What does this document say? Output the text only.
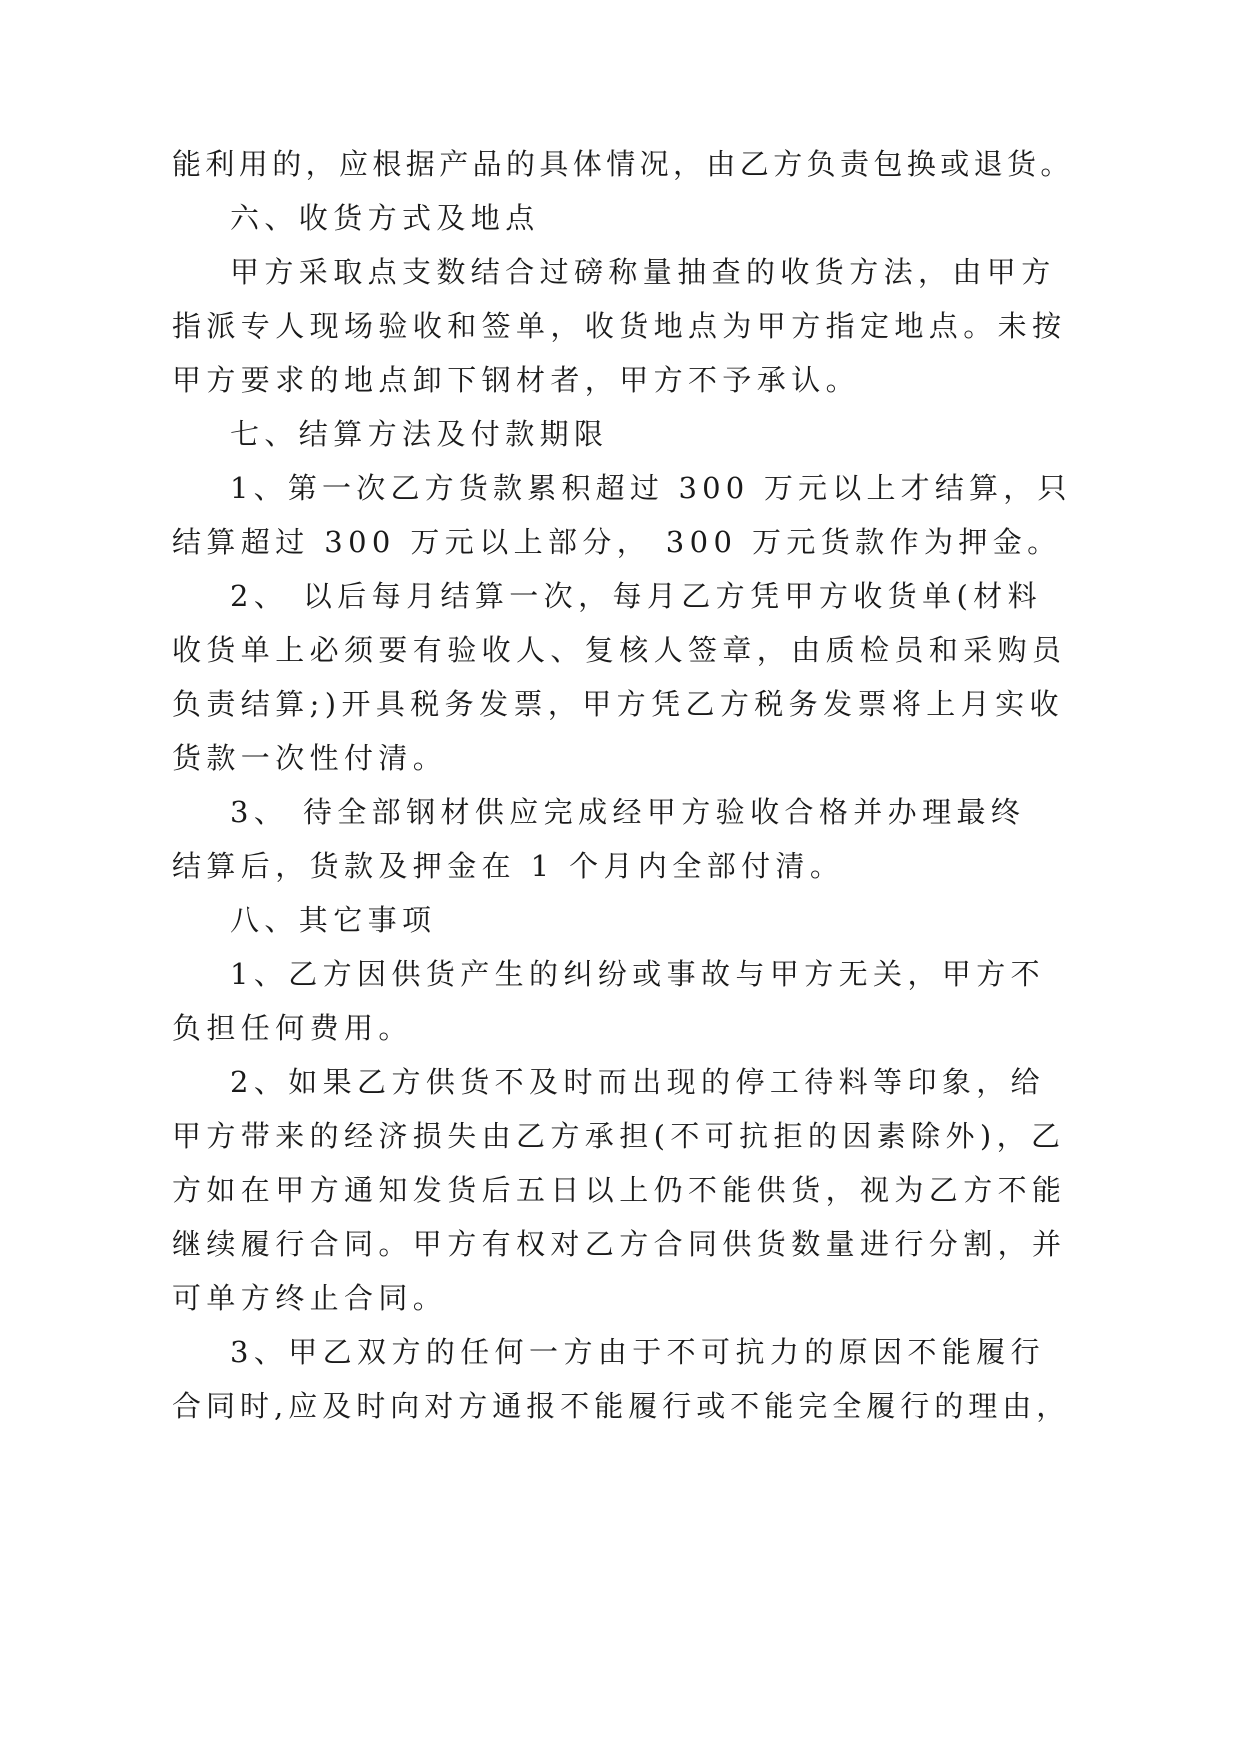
能利用的，应根据产品的具体情况，由乙方负责包换或退货。
六、收货方式及地点
甲方采取点支数结合过磅称量抽查的收货方法，由甲方
指派专人现场验收和签单，收货地点为甲方指定地点。未按
甲方要求的地点卸下钢材者，甲方不予承认。
七、结算方法及付款期限
1、第一次乙方货款累积超过 300 万元以上才结算，只
结算超过 300 万元以上部分， 300 万元货款作为押金。
2、 以后每月结算一次，每月乙方凭甲方收货单(材料
收货单上必须要有验收人、复核人签章，由质检员和采购员
负责结算;)开具税务发票，甲方凭乙方税务发票将上月实收
货款一次性付清。
3、 待全部钢材供应完成经甲方验收合格并办理最终
结算后，货款及押金在 1 个月内全部付清。
八、其它事项
1、乙方因供货产生的纠纷或事故与甲方无关，甲方不
负担任何费用。
2、如果乙方供货不及时而出现的停工待料等印象，给
甲方带来的经济损失由乙方承担(不可抗拒的因素除外)，乙
方如在甲方通知发货后五日以上仍不能供货，视为乙方不能
继续履行合同。甲方有权对乙方合同供货数量进行分割，并
可单方终止合同。
3、甲乙双方的任何一方由于不可抗力的原因不能履行
合同时,应及时向对方通报不能履行或不能完全履行的理由，
